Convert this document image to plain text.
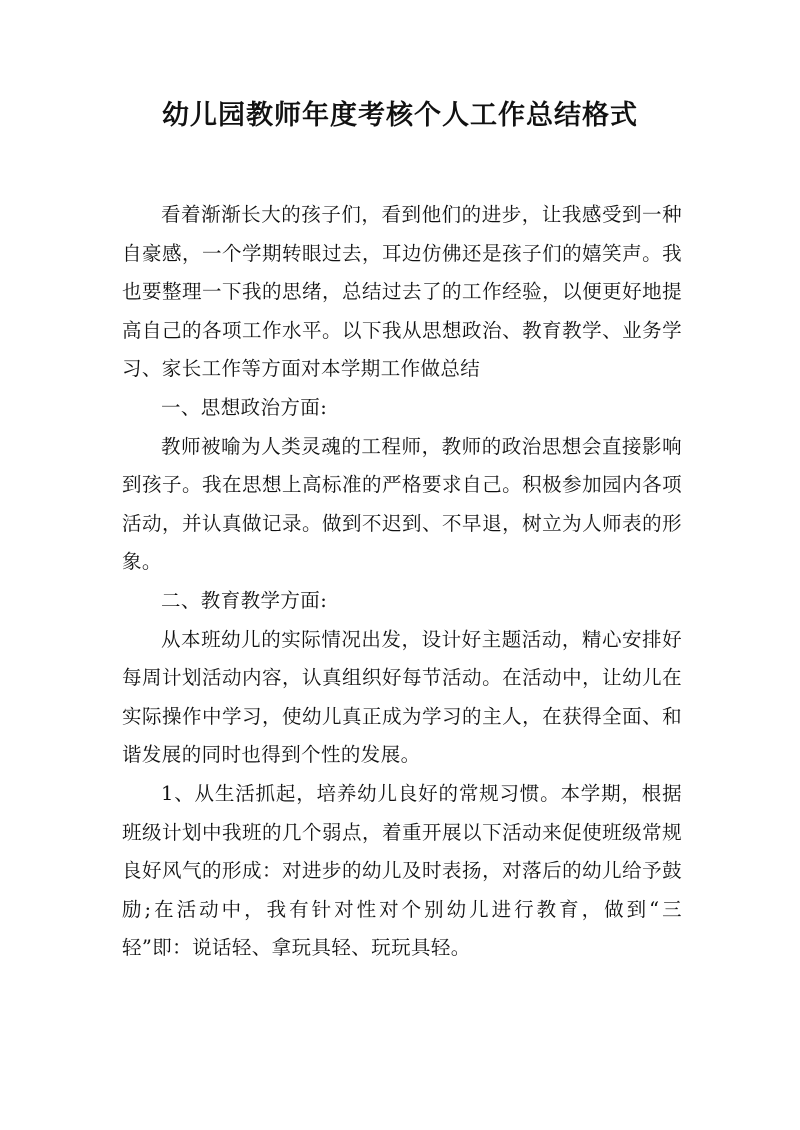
幼儿园教师年度考核个人工作总结格式

看着渐渐长大的孩子们，看到他们的进步，让我感受到一种自豪感，一个学期转眼过去，耳边仿佛还是孩子们的嬉笑声。我也要整理一下我的思绪，总结过去了的工作经验，以便更好地提高自己的各项工作水平。以下我从思想政治、教育教学、业务学习、家长工作等方面对本学期工作做总结

一、思想政治方面:

教师被喻为人类灵魂的工程师，教师的政治思想会直接影响到孩子。我在思想上高标准的严格要求自己。积极参加园内各项活动，并认真做记录。做到不迟到、不早退，树立为人师表的形象。

二、教育教学方面:

从本班幼儿的实际情况出发，设计好主题活动，精心安排好每周计划活动内容，认真组织好每节活动。在活动中，让幼儿在实际操作中学习，使幼儿真正成为学习的主人，在获得全面、和谐发展的同时也得到个性的发展。

1、从生活抓起，培养幼儿良好的常规习惯。本学期，根据班级计划中我班的几个弱点，着重开展以下活动来促使班级常规良好风气的形成：对进步的幼儿及时表扬，对落后的幼儿给予鼓励;在活动中，我有针对性对个别幼儿进行教育，做到“三轻”即：说话轻、拿玩具轻、玩玩具轻。
